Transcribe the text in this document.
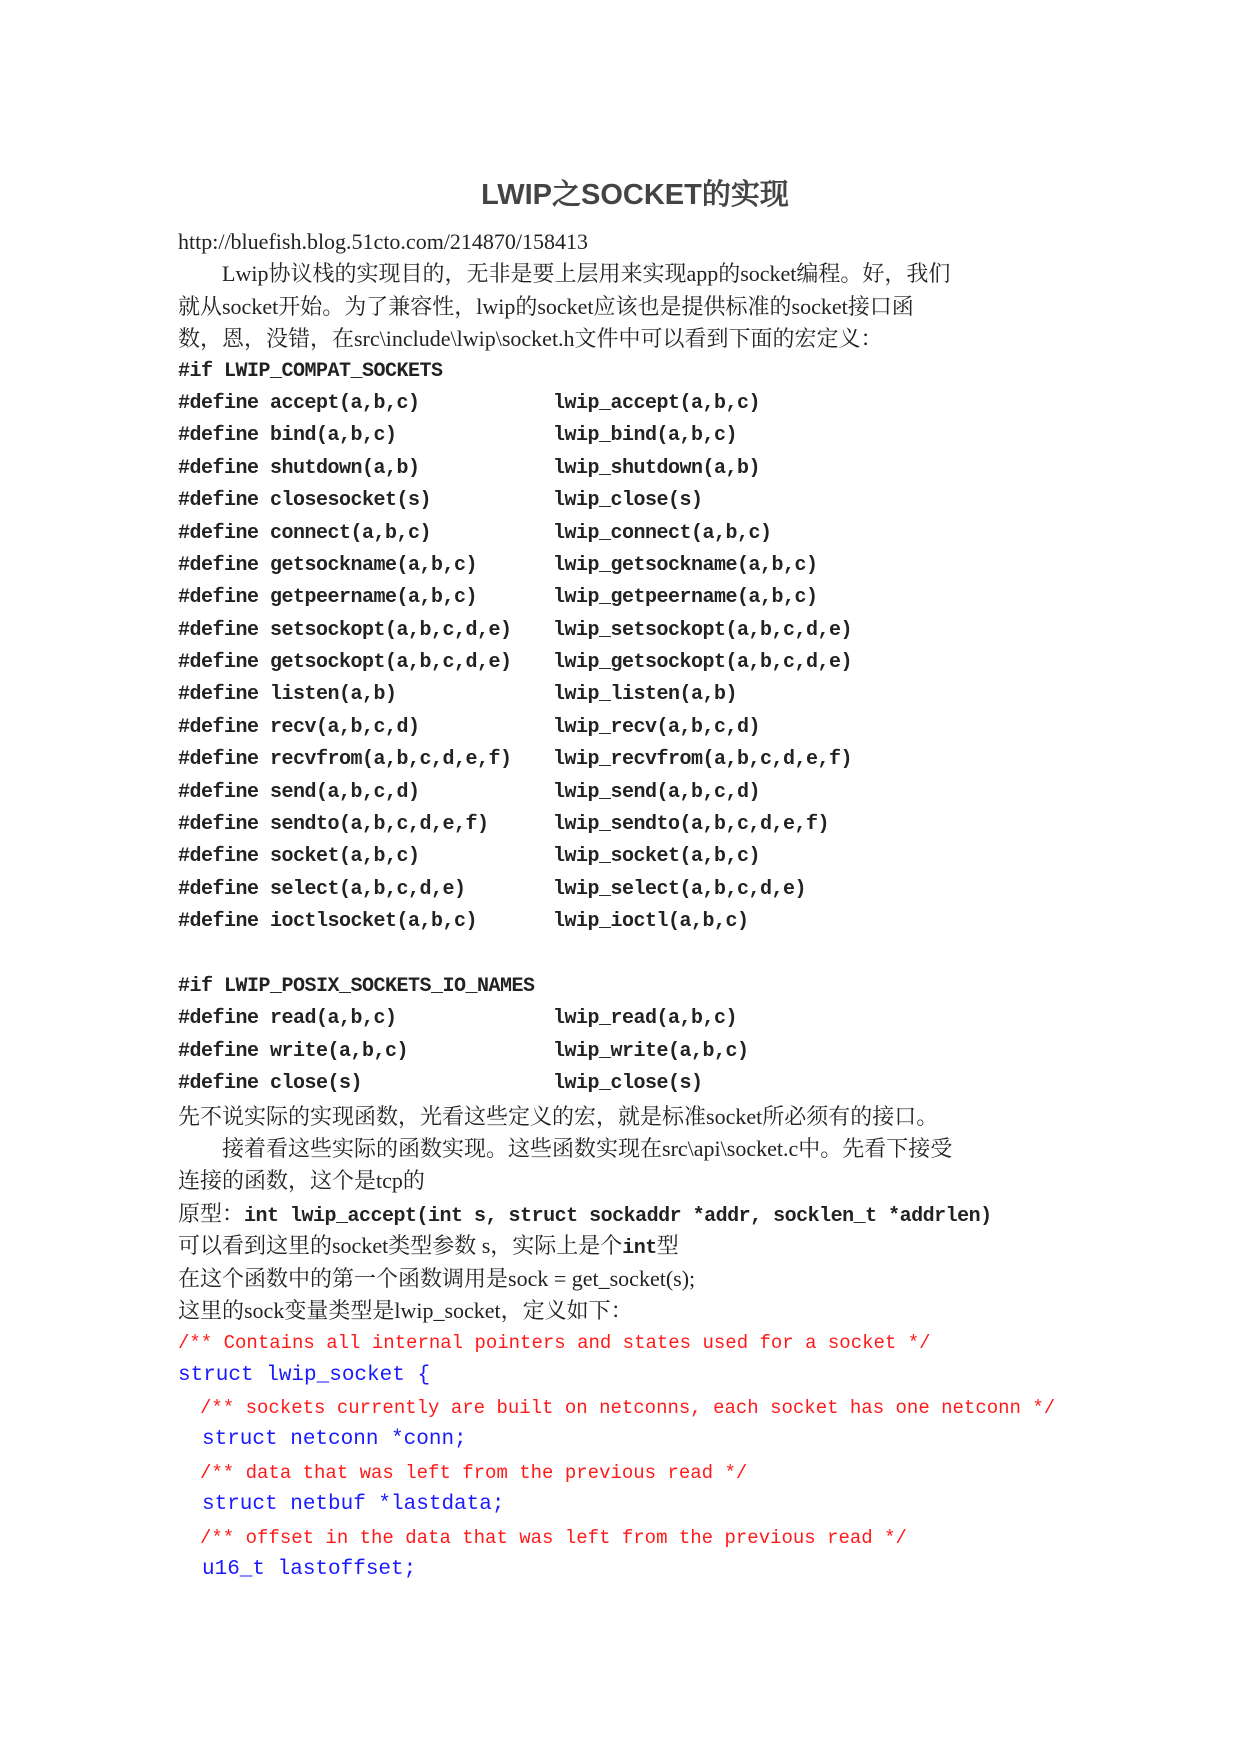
LWIP之SOCKET的实现
http://bluefish.blog.51cto.com/214870/158413
Lwip协议栈的实现目的，无非是要上层用来实现app的socket编程。好，我们
就从socket开始。为了兼容性，lwip的socket应该也是提供标准的socket接口函
数，恩，没错，在src\include\lwip\socket.h文件中可以看到下面的宏定义：
#if LWIP_COMPAT_SOCKETS
#define accept(a,b,c)	lwip_accept(a,b,c)
#define bind(a,b,c)	lwip_bind(a,b,c)
#define shutdown(a,b)	lwip_shutdown(a,b)
#define closesocket(s)	lwip_close(s)
#define connect(a,b,c)	lwip_connect(a,b,c)
#define getsockname(a,b,c)	lwip_getsockname(a,b,c)
#define getpeername(a,b,c)	lwip_getpeername(a,b,c)
#define setsockopt(a,b,c,d,e)	lwip_setsockopt(a,b,c,d,e)
#define getsockopt(a,b,c,d,e)	lwip_getsockopt(a,b,c,d,e)
#define listen(a,b)	lwip_listen(a,b)
#define recv(a,b,c,d)	lwip_recv(a,b,c,d)
#define recvfrom(a,b,c,d,e,f)	lwip_recvfrom(a,b,c,d,e,f)
#define send(a,b,c,d)	lwip_send(a,b,c,d)
#define sendto(a,b,c,d,e,f)	lwip_sendto(a,b,c,d,e,f)
#define socket(a,b,c)	lwip_socket(a,b,c)
#define select(a,b,c,d,e)	lwip_select(a,b,c,d,e)
#define ioctlsocket(a,b,c)	lwip_ioctl(a,b,c)
#if LWIP_POSIX_SOCKETS_IO_NAMES
#define read(a,b,c)	lwip_read(a,b,c)
#define write(a,b,c)	lwip_write(a,b,c)
#define close(s)	lwip_close(s)
先不说实际的实现函数，光看这些定义的宏，就是标准socket所必须有的接口。
接着看这些实际的函数实现。这些函数实现在src\api\socket.c中。先看下接受
连接的函数，这个是tcp的
原型：int lwip_accept(int s, struct sockaddr *addr, socklen_t *addrlen)
可以看到这里的socket类型参数 s，实际上是个int型
在这个函数中的第一个函数调用是sock = get_socket(s);
这里的sock变量类型是lwip_socket，定义如下：
/** Contains all internal pointers and states used for a socket */
struct lwip_socket {
/** sockets currently are built on netconns, each socket has one netconn */
struct netconn *conn;
/** data that was left from the previous read */
struct netbuf *lastdata;
/** offset in the data that was left from the previous read */
u16_t lastoffset;
